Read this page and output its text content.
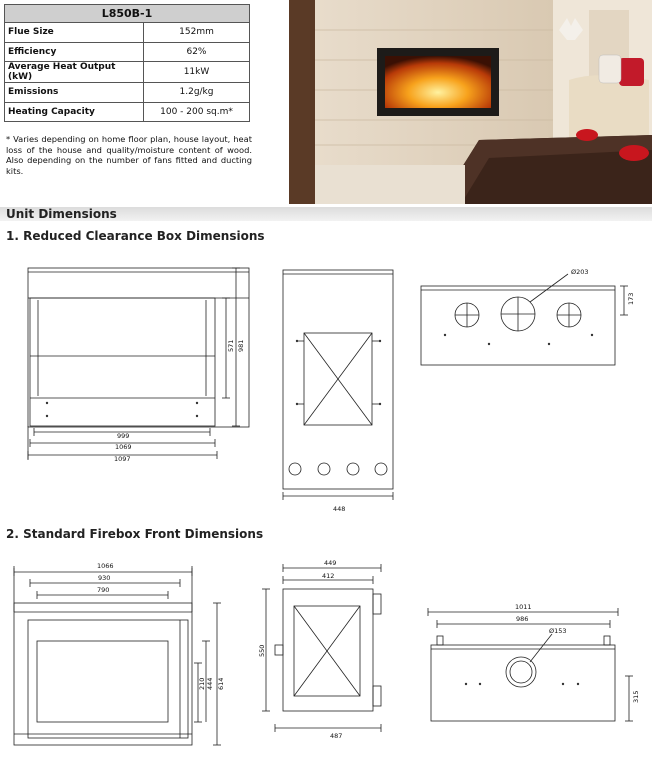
L850B-1	
Flue Size	152mm
Efficiency	62%
Average Heat Output (kW)	11kW
Emissions	1.2g/kg
Heating Capacity	100 - 200 sq.m*
* Varies depending on home floor plan, house layout, heat loss of the house and quality/moisture content of wood. Also depending on the number of fans fitted and ducting kits.
Unit Dimensions
1. Reduced Clearance Box Dimensions
2. Standard Firebox Front Dimensions
999
1069
1097
571 981
448
Ø203
173
1066
930
790
210 444 614
449
412
550
487
1011
986
Ø153
315
